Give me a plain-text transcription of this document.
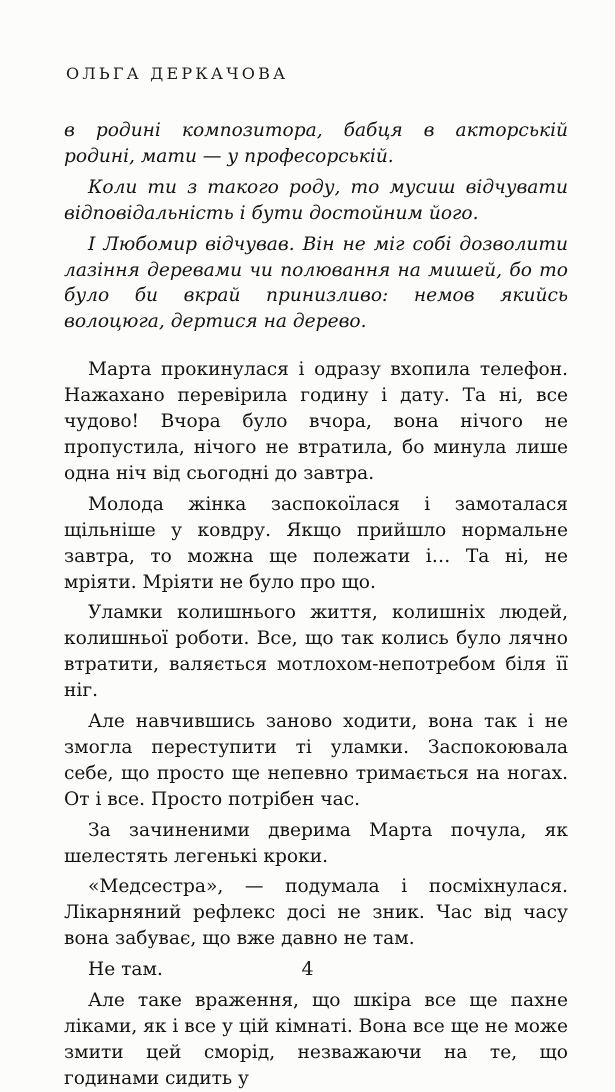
ОЛЬГА ДЕРКАЧОВА

в родині композитора, бабця в акторській родині, мати — у професорській.

Коли ти з такого роду, то мусиш відчувати відповідальність і бути достойним його.

І Любомир відчував. Він не міг собі дозволити лазіння деревами чи полювання на мишей, бо то було би вкрай принизливо: немов якийсь волоцюга, дертися на дерево.

Марта прокинулася і одразу вхопила телефон. Нажахано перевірила годину і дату. Та ні, все чудово! Вчора було вчора, вона нічого не пропустила, нічого не втратила, бо минула лише одна ніч від сьогодні до завтра.

Молода жінка заспокоїлася і замоталася щільніше у ковдру. Якщо прийшло нормальне завтра, то можна ще полежати і… Та ні, не мріяти. Мріяти не було про що.

Уламки колишнього життя, колишніх людей, колишньої роботи. Все, що так колись було лячно втратити, валяється мотлохом-непотребом біля її ніг.

Але навчившись заново ходити, вона так і не змогла переступити ті уламки. Заспокоювала себе, що просто ще непевно тримається на ногах. От і все. Просто потрібен час.

За зачиненими дверима Марта почула, як шелестять легенькі кроки.

«Медсестра», — подумала і посміхнулася. Лікарняний рефлекс досі не зник. Час від часу вона забуває, що вже давно не там.

Не там.

Але таке враження, що шкіра все ще пахне ліками, як і все у цій кімнаті. Вона все ще не може змити цей сморід, незважаючи на те, що годинами сидить у

4
